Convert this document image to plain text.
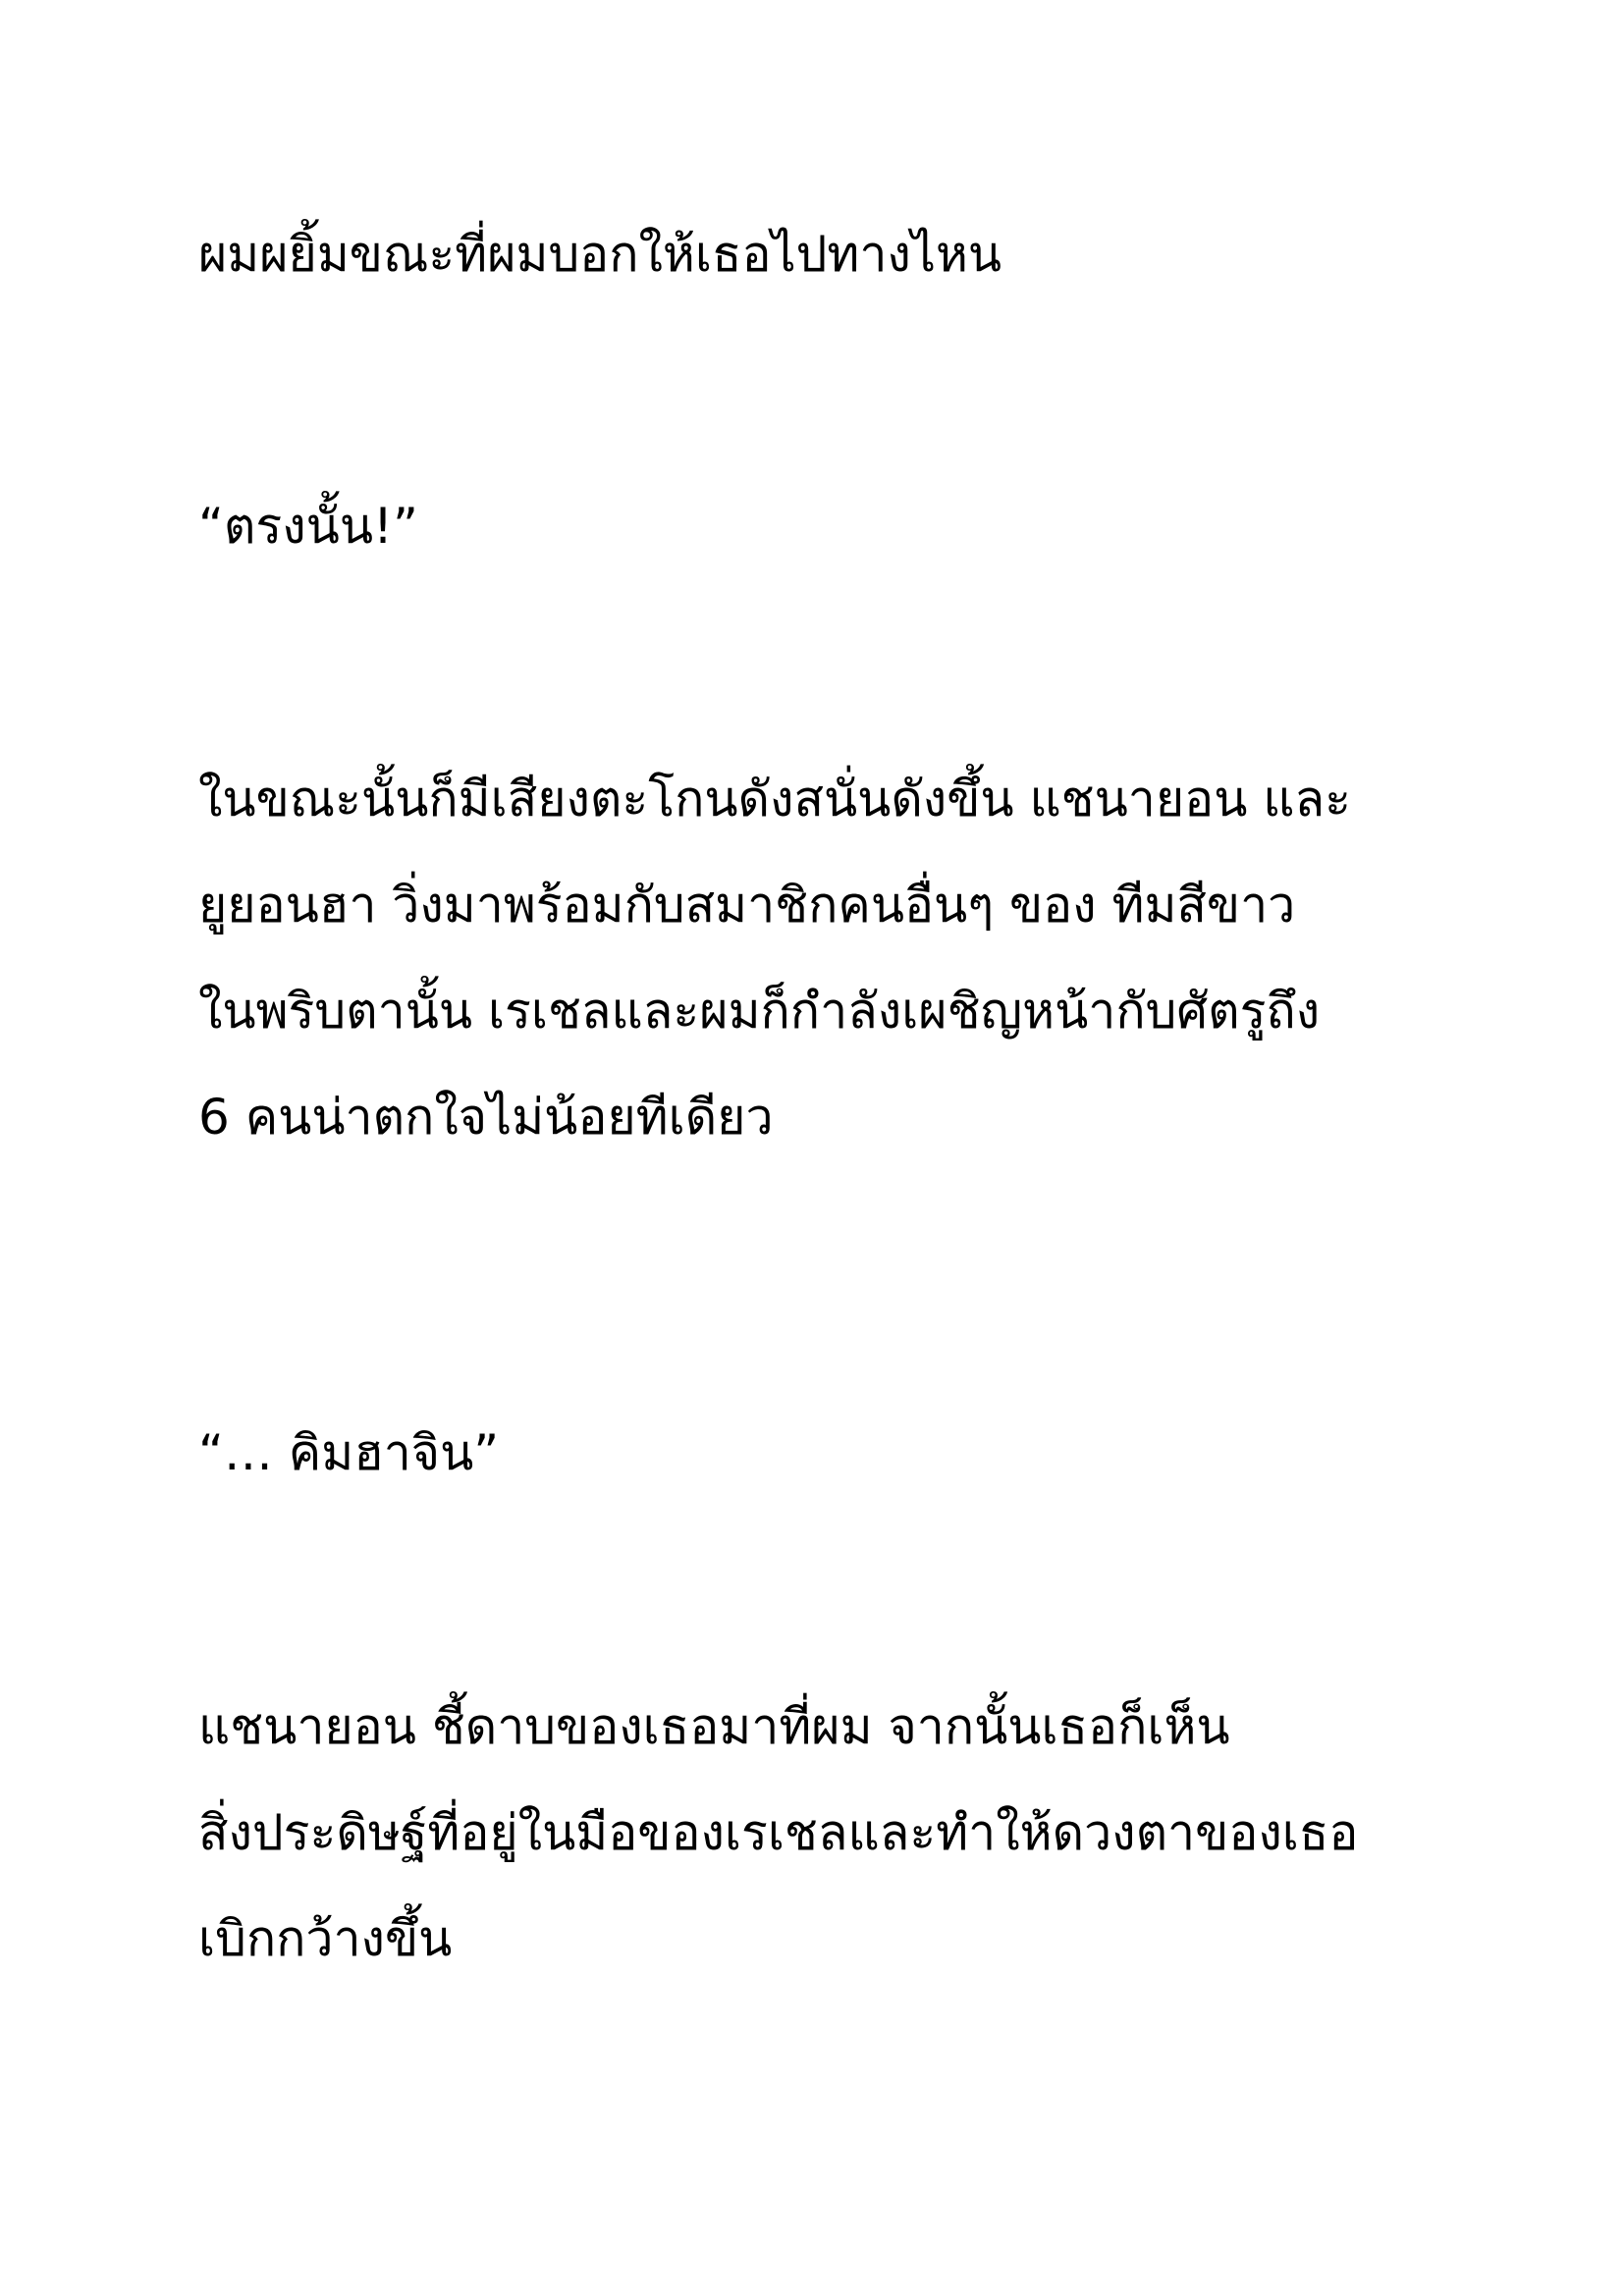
ผมผยิ้มขณะที่ผมบอกให้เธอไปทางไหน

“ตรงนั้น!”

ในขณะนั้นก็มีเสียงตะโกนดังสนั่นดังขึ้น แชนายอน และ
ยูยอนฮา วิ่งมาพร้อมกับสมาชิกคนอื่นๆ ของ ทีมสีขาว
ในพริบตานั้น เรเชลและผมก็กำลังเผชิญหน้ากับศัตรูถึง
6 คนน่าตกใจไม่น้อยทีเดียว

“… คิมฮาจิน”

แชนายอน ชี้ดาบของเธอมาที่ผม จากนั้นเธอก็เห็น
สิ่งประดิษฐ์ที่อยู่ในมือของเรเชลและทำให้ดวงตาของเธอ
เบิกกว้างขึ้น
